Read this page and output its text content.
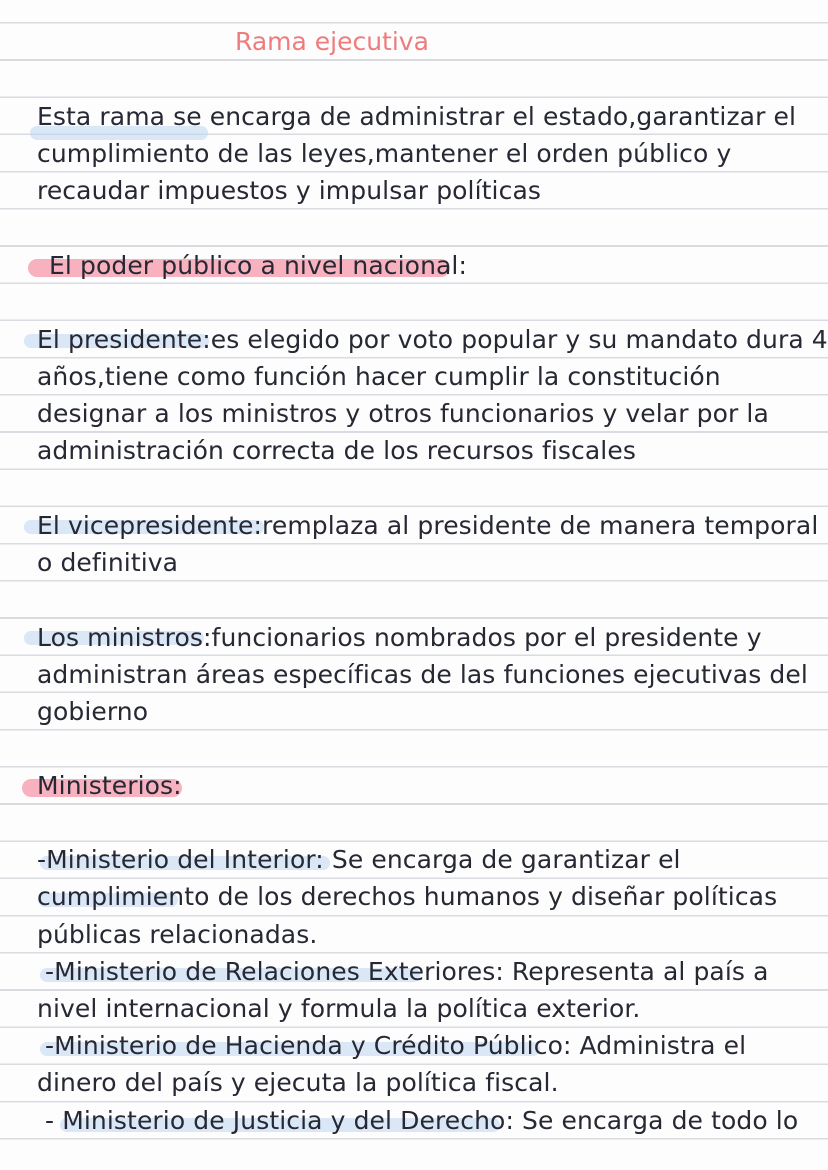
Rama ejecutiva
Esta rama se encarga de administrar el estado,garantizar el
cumplimiento de las leyes,mantener el orden público y
recaudar impuestos y impulsar políticas
El poder público a nivel nacional:
El presidente:es elegido por voto popular y su mandato dura 4
años,tiene como función hacer cumplir la constitución
designar a los ministros y otros funcionarios y velar por la
administración correcta de los recursos fiscales
El vicepresidente:remplaza al presidente de manera temporal
o definitiva
Los ministros:funcionarios nombrados por el presidente y
administran áreas específicas de las funciones ejecutivas del
gobierno
Ministerios:
-Ministerio del Interior: Se encarga de garantizar el
cumplimiento de los derechos humanos y diseñar políticas
públicas relacionadas.
-Ministerio de Relaciones Exteriores: Representa al país a
nivel internacional y formula la política exterior.
-Ministerio de Hacienda y Crédito Público: Administra el
dinero del país y ejecuta la política fiscal.
- Ministerio de Justicia y del Derecho: Se encarga de todo lo
